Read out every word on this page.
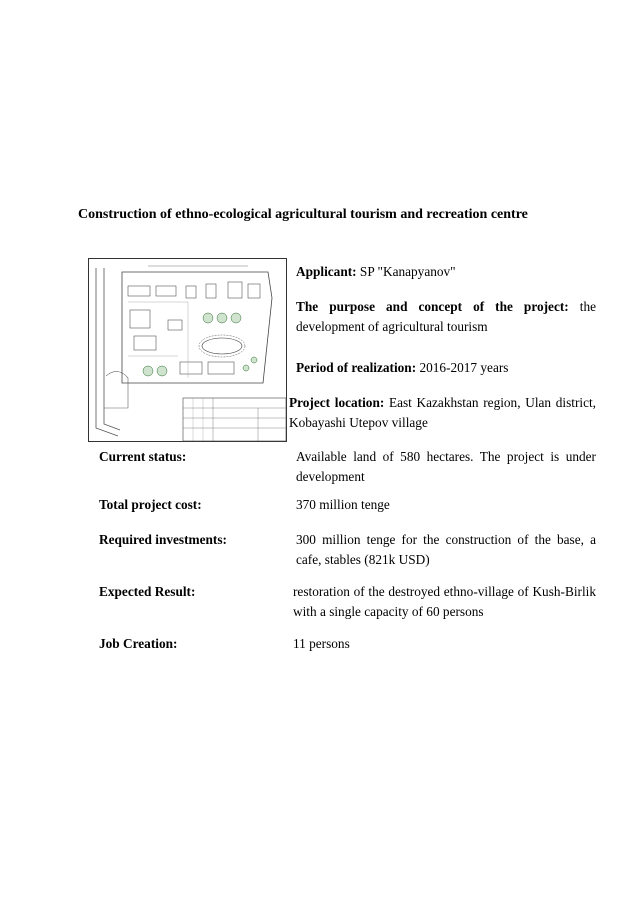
Construction of ethno-ecological agricultural tourism and recreation centre
Applicant: SP "Kanapyanov"
The purpose and concept of the project: the development of agricultural tourism
Period of realization: 2016-2017 years
Project location: East Kazakhstan region, Ulan district, Kobayashi Utepov village
Current status:	Available land of 580 hectares. The project is under development
Total project cost:	370 million tenge
Required investments:	300 million tenge for the construction of the base, a cafe, stables (821k USD)
Expected Result:	restoration of the destroyed ethno-village of Kush-Birlik with a single capacity of 60 persons
Job Creation:	11 persons
